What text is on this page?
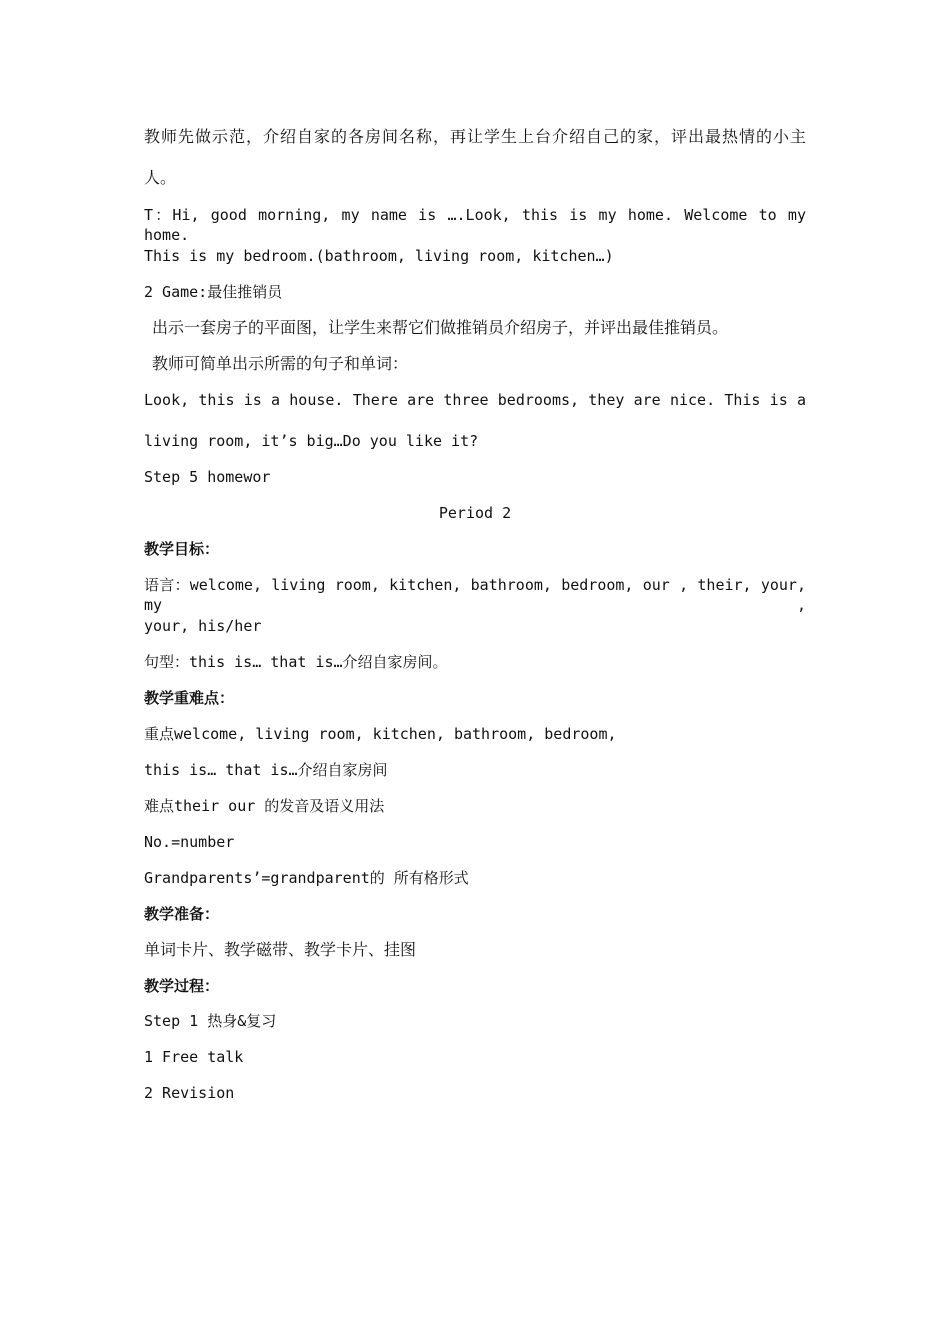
教师先做示范，介绍自家的各房间名称，再让学生上台介绍自己的家，评出最热情的小主
人。
T：Hi, good morning, my name is ….Look, this is my home. Welcome to my home.
This is my bedroom.(bathroom, living room, kitchen…)
2 Game:最佳推销员
出示一套房子的平面图，让学生来帮它们做推销员介绍房子，并评出最佳推销员。
教师可简单出示所需的句子和单词：
Look, this is a house. There are three bedrooms, they are nice. This is a
living room, it’s big…Do you like it?
Step 5 homewor
Period 2
教学目标：
语言：welcome, living room, kitchen, bathroom, bedroom, our , their, your, my ,
your, his/her
句型：this is… that is…介绍自家房间。
教学重难点：
重点welcome, living room, kitchen, bathroom, bedroom,
this is… that is…介绍自家房间
难点their our 的发音及语义用法
No.=number
Grandparents’=grandparent的 所有格形式
教学准备：
单词卡片、教学磁带、教学卡片、挂图
教学过程：
Step 1 热身&复习
1 Free talk
2 Revision
